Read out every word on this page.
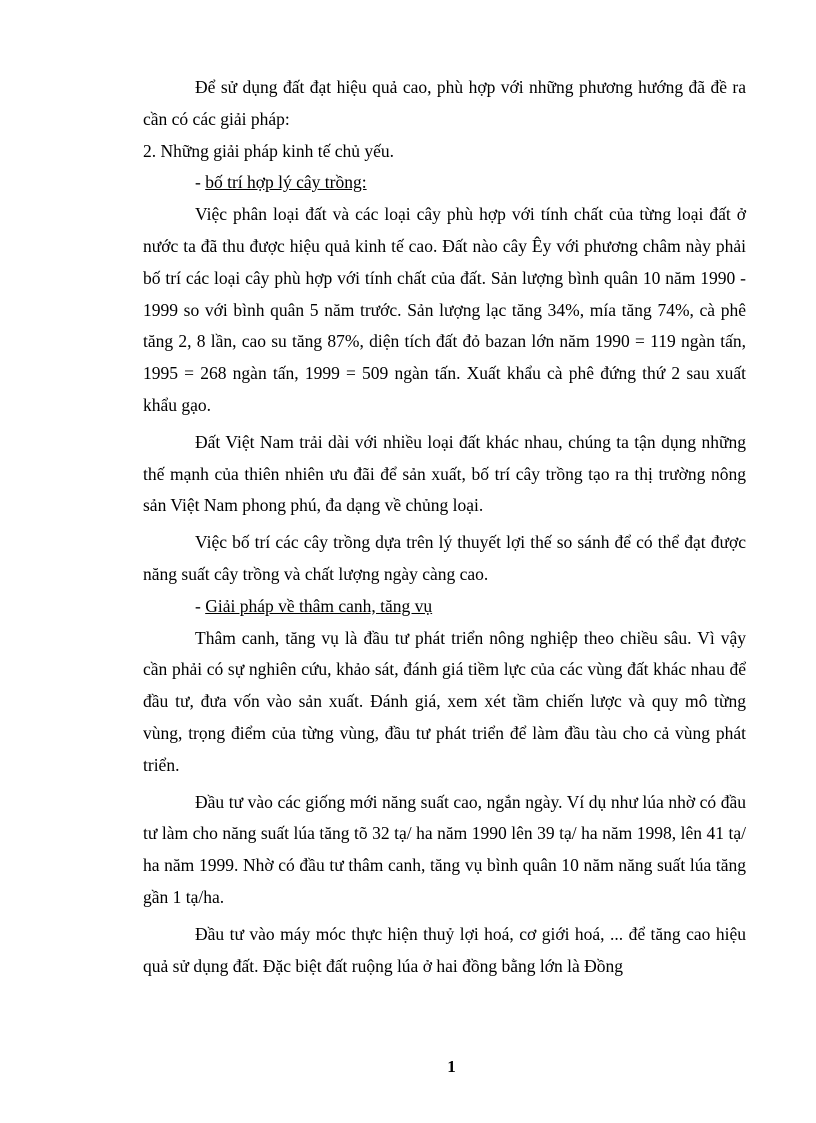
Để sử dụng đất đạt hiệu quả cao, phù hợp với những phương hướng đã đề ra cần có các giải pháp:

2. Những giải pháp kinh tế chủ yếu.

- bố trí hợp lý cây trồng:

Việc phân loại đất và các loại cây phù hợp với tính chất của từng loại đất ở nước ta đã thu được hiệu quả kinh tế cao. Đất nào cây Êy với phương châm này phải bố trí các loại cây phù hợp với tính chất của đất. Sản lượng bình quân 10 năm 1990 - 1999 so với bình quân 5 năm trước. Sản lượng lạc tăng 34%, mía tăng 74%, cà phê tăng 2, 8 lần, cao su tăng 87%, diện tích đất đỏ bazan lớn năm 1990 = 119 ngàn tấn, 1995 = 268 ngàn tấn, 1999 = 509 ngàn tấn. Xuất khẩu cà phê đứng thứ 2 sau xuất khẩu gạo.

Đất Việt Nam trải dài với nhiều loại đất khác nhau, chúng ta tận dụng những thế mạnh của thiên nhiên ưu đãi để sản xuất, bố trí cây trồng tạo ra thị trường nông sản Việt Nam phong phú, đa dạng về chủng loại.

Việc bố trí các cây trồng dựa trên lý thuyết lợi thế so sánh để có thể đạt được năng suất cây trồng và chất lượng ngày càng cao.

- Giải pháp về thâm canh, tăng vụ

Thâm canh, tăng vụ là đầu tư phát triển nông nghiệp theo chiều sâu. Vì vậy cần phải có sự nghiên cứu, khảo sát, đánh giá tiềm lực của các vùng đất khác nhau để đầu tư, đưa vốn vào sản xuất. Đánh giá, xem xét tầm chiến lược và quy mô từng vùng, trọng điểm của từng vùng, đầu tư phát triển để làm đầu tàu cho cả vùng phát triển.

Đầu tư vào các giống mới năng suất cao, ngắn ngày. Ví dụ như lúa nhờ có đầu tư làm cho năng suất lúa tăng tõ 32 tạ/ ha năm 1990 lên 39 tạ/ ha năm 1998, lên 41 tạ/ ha năm 1999. Nhờ có đầu tư thâm canh, tăng vụ bình quân 10 năm năng suất lúa tăng gần 1 tạ/ha.

Đầu tư vào máy móc thực hiện thuỷ lợi hoá, cơ giới hoá, ... để tăng cao hiệu quả sử dụng đất. Đặc biệt đất ruộng lúa ở hai đồng bằng lớn là Đồng

1
